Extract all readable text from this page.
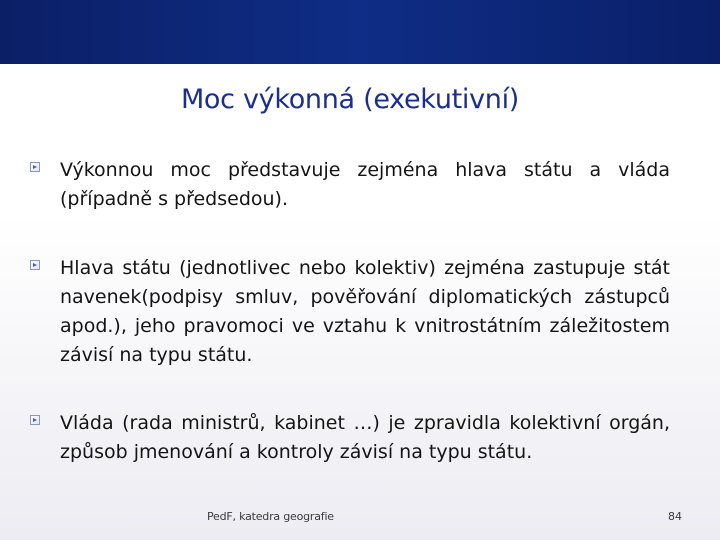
Moc výkonná (exekutivní)
Výkonnou moc představuje zejména hlava státu a vláda (případně s předsedou).
Hlava státu (jednotlivec nebo kolektiv) zejména zastupuje stát navenek(podpisy smluv, pověřování diplomatických zástupců apod.), jeho pravomoci ve vztahu k vnitrostátním záležitostem závisí na typu státu.
Vláda (rada ministrů, kabinet …) je zpravidla kolektivní orgán, způsob jmenování a kontroly závisí na typu státu.
PedF, katedra geografie	84
